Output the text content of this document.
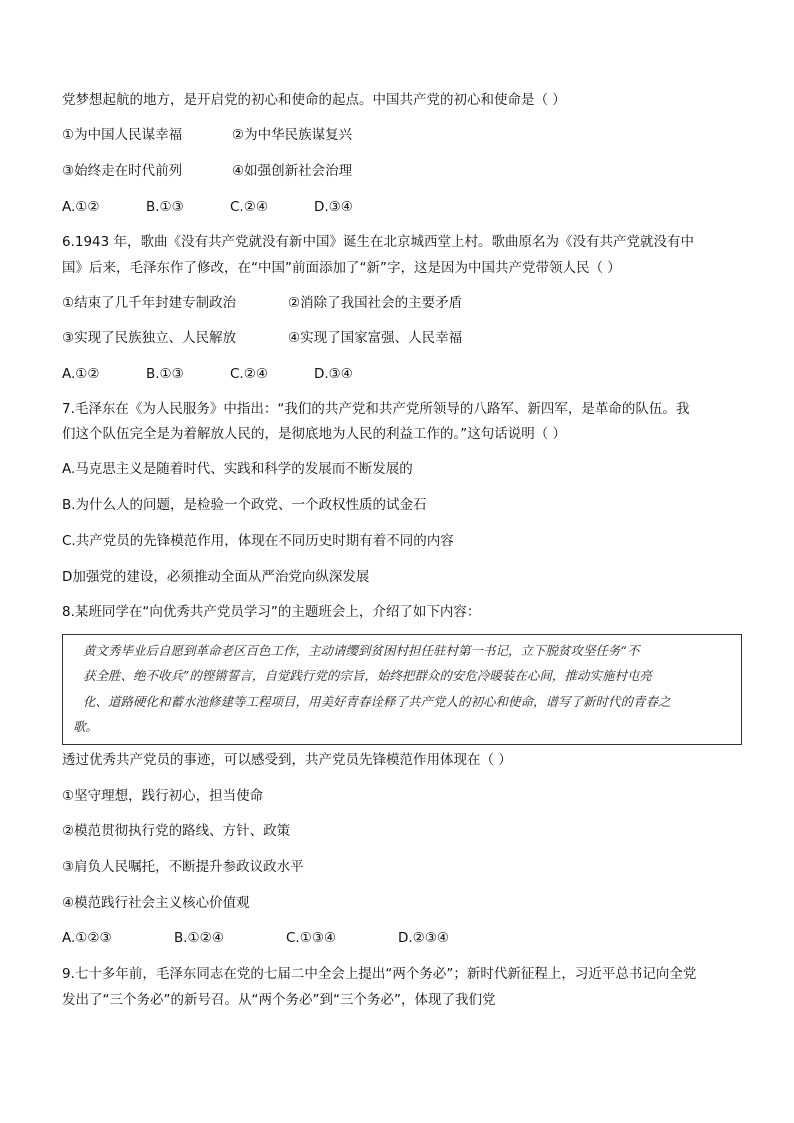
党梦想起航的地方，是开启党的初心和使命的起点。中国共产党的初心和使命是（ ）
①为中国人民谋幸福	②为中华民族谋复兴
③始终走在时代前列	④如强创新社会治理
A.①②	B.①③	C.②④	D.③④
6.1943 年，歌曲《没有共产党就没有新中国》诞生在北京城西堂上村。歌曲原名为《没有共产党就没有中
国》后来，毛泽东作了修改，在“中国”前面添加了“新”字，这是因为中国共产党带领人民（ ）
①结束了几千年封建专制政治	②消除了我国社会的主要矛盾
③实现了民族独立、人民解放	④实现了国家富强、人民幸福
A.①②	B.①③	C.②④	D.③④
7.毛泽东在《为人民服务》中指出：“我们的共产党和共产党所领导的八路军、新四军，是革命的队伍。我
们这个队伍完全是为着解放人民的，是彻底地为人民的利益工作的。”这句话说明（ ）
A.马克思主义是随着时代、实践和科学的发展而不断发展的
B.为什么人的问题，是检验一个政党、一个政权性质的试金石
C.共产党员的先锋模范作用，体现在不同历史时期有着不同的内容
D加强党的建设，必须推动全面从严治党向纵深发展
8.某班同学在“向优秀共产党员学习”的主题班会上，介绍了如下内容：
黄文秀毕业后自愿到革命老区百色工作，主动请缨到贫困村担任驻村第一书记，立下脱贫攻坚任务“不
获全胜、绝不收兵”的铿锵誓言，自觉践行党的宗旨，始终把群众的安危冷暖装在心间，推动实施村屯亮
化、道路硬化和蓄水池修建等工程项目，用美好青春诠释了共产党人的初心和使命，谱写了新时代的青春之
歌。
透过优秀共产党员的事迹，可以感受到，共产党员先锋模范作用体现在（ ）
①坚守理想，践行初心，担当使命
②模范贯彻执行党的路线、方针、政策
③肩负人民嘱托，不断提升参政议政水平
④模范践行社会主义核心价值观
A.①②③	B.①②④	C.①③④	D.②③④
9.七十多年前，毛泽东同志在党的七届二中全会上提出“两个务必”；新时代新征程上，习近平总书记向全党
发出了“三个务必”的新号召。从“两个务必”到“三个务必”，体现了我们党
